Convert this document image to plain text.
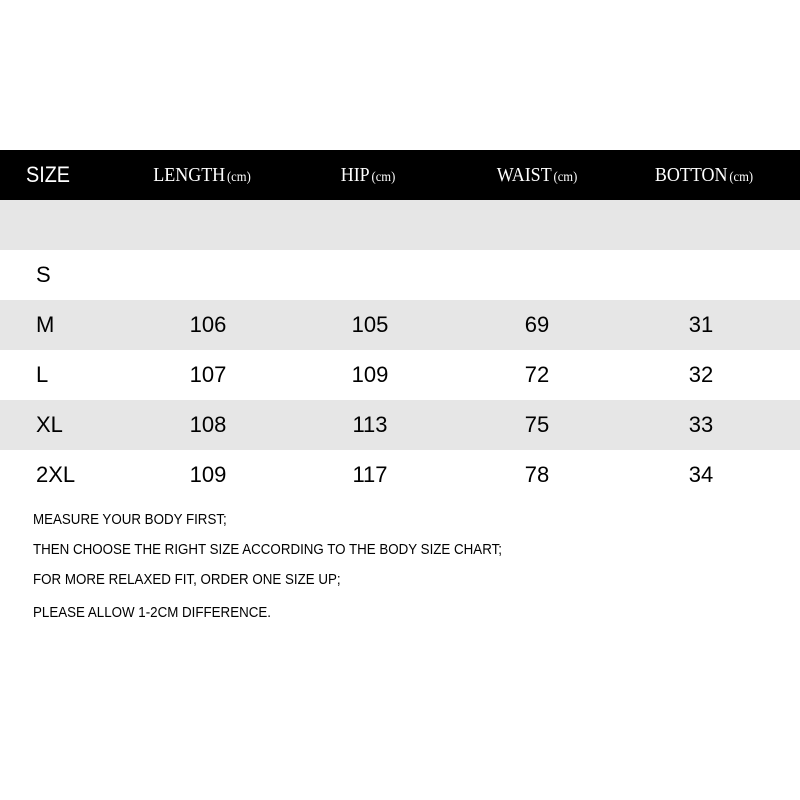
SIZE	LENGTH (cm)	HIP (cm)	WAIST (cm)	BOTTON (cm)
S
M	106	105	69	31
L	107	109	72	32
XL	108	113	75	33
2XL	109	117	78	34
MEASURE YOUR BODY FIRST;
THEN CHOOSE THE RIGHT SIZE ACCORDING TO THE BODY SIZE CHART;
FOR MORE RELAXED FIT, ORDER ONE SIZE UP;
PLEASE ALLOW 1-2CM DIFFERENCE.
